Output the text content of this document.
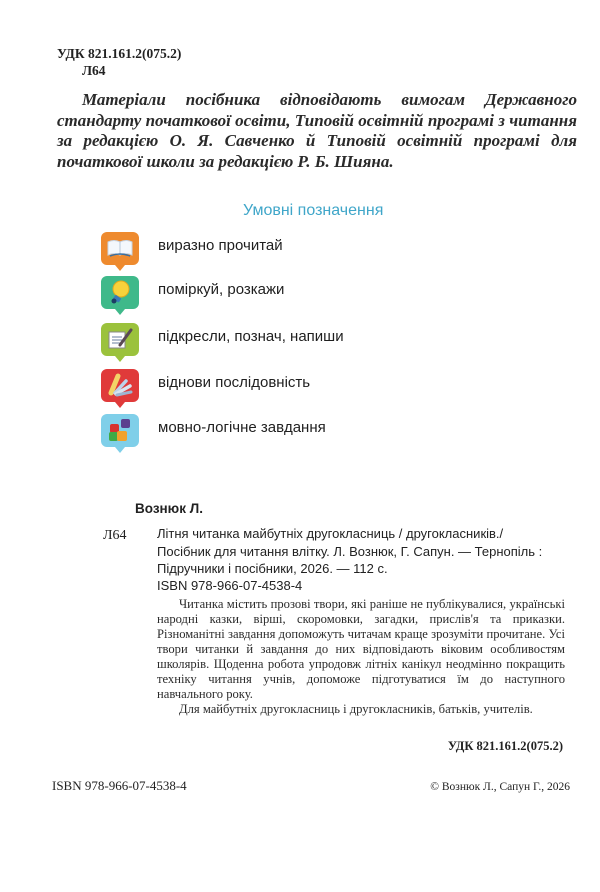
УДК 821.161.2(075.2)
Л64
Матеріали посібника відповідають вимогам Державного стандарту початкової освіти, Типовій освітній програмі з читання за редакцією О. Я. Савченко й Типовій освітній програмі для початкової школи за редакцією Р. Б. Шияна.
Умовні позначення
виразно прочитай
поміркуй, розкажи
підкресли, познач, напиши
віднови послідовність
мовно-логічне завдання
Вознюк Л.
Л64	Літня читанка майбутніх другокласниць / другокласників./ Посібник для читання влітку. Л. Вознюк, Г. Сапун. — Тернопіль : Підручники і посібники, 2026. — 112 с.
ISBN 978-966-07-4538-4

Читанка містить прозові твори, які раніше не публікувалися, українські народні казки, вірші, скоромовки, загадки, прислів'я та приказки. Різноманітні завдання допоможуть читачам краще зрозуміти прочитане. Усі твори читанки й завдання до них відповідають віковим особливостям школярів. Щоденна робота упродовж літніх канікул неодмінно покращить техніку читання учнів, допоможе підготуватися їм до наступного навчального року.

Для майбутніх другокласниць і другокласників, батьків, учителів.

УДК 821.161.2(075.2)
ISBN 978-966-07-4538-4	© Вознюк Л., Сапун Г., 2026
